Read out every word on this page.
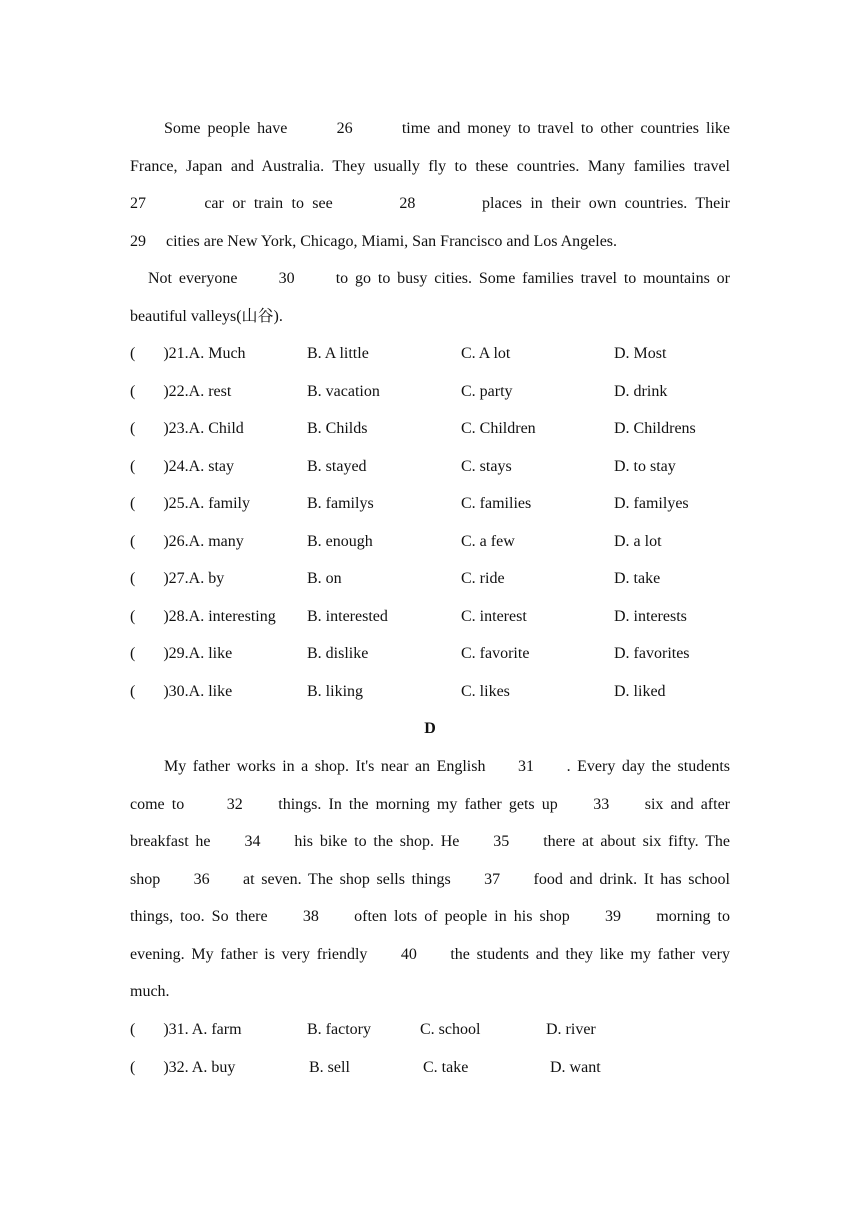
Some people have       26       time and money to travel to other countries like
France, Japan and Australia. They usually fly to these countries. Many families travel
27       car or train to see        28        places in their own countries. Their
29     cities are New York, Chicago, Miami, San Francisco and Los Angeles.
Not everyone      30      to go to busy cities. Some families travel to mountains or
beautiful valleys(山谷).
(       )21.A. Much	B. A little	C. A lot	D. Most
(       )22.A. rest	B. vacation	C. party	D. drink
(       )23.A. Child	B. Childs	C. Children	D. Childrens
(       )24.A. stay	B. stayed	C. stays	D. to stay
(       )25.A. family	B. familys	C. families	D. familyes
(       )26.A. many	B. enough	C. a few	D. a lot
(       )27.A. by	B. on	C. ride	D. take
(       )28.A. interesting B. interested	C. interest	D. interests
(       )29.A. like	B. dislike	C. favorite	D. favorites
(       )30.A. like	B. liking	C. likes	D. liked
D
My father works in a shop. It's near an English     31     . Every day the students
come to      32     things. In the morning my father gets up     33     six and after
breakfast he     34     his bike to the shop. He     35     there at about six fifty. The
shop     36     at seven. The shop sells things     37     food and drink. It has school
things, too. So there     38     often lots of people in his shop     39     morning to
evening. My father is very friendly     40     the students and they like my father very
much.
(       )31. A. farm	B. factory	C. school	D. river
(       )32. A. buy	B. sell	C. take	D. want
